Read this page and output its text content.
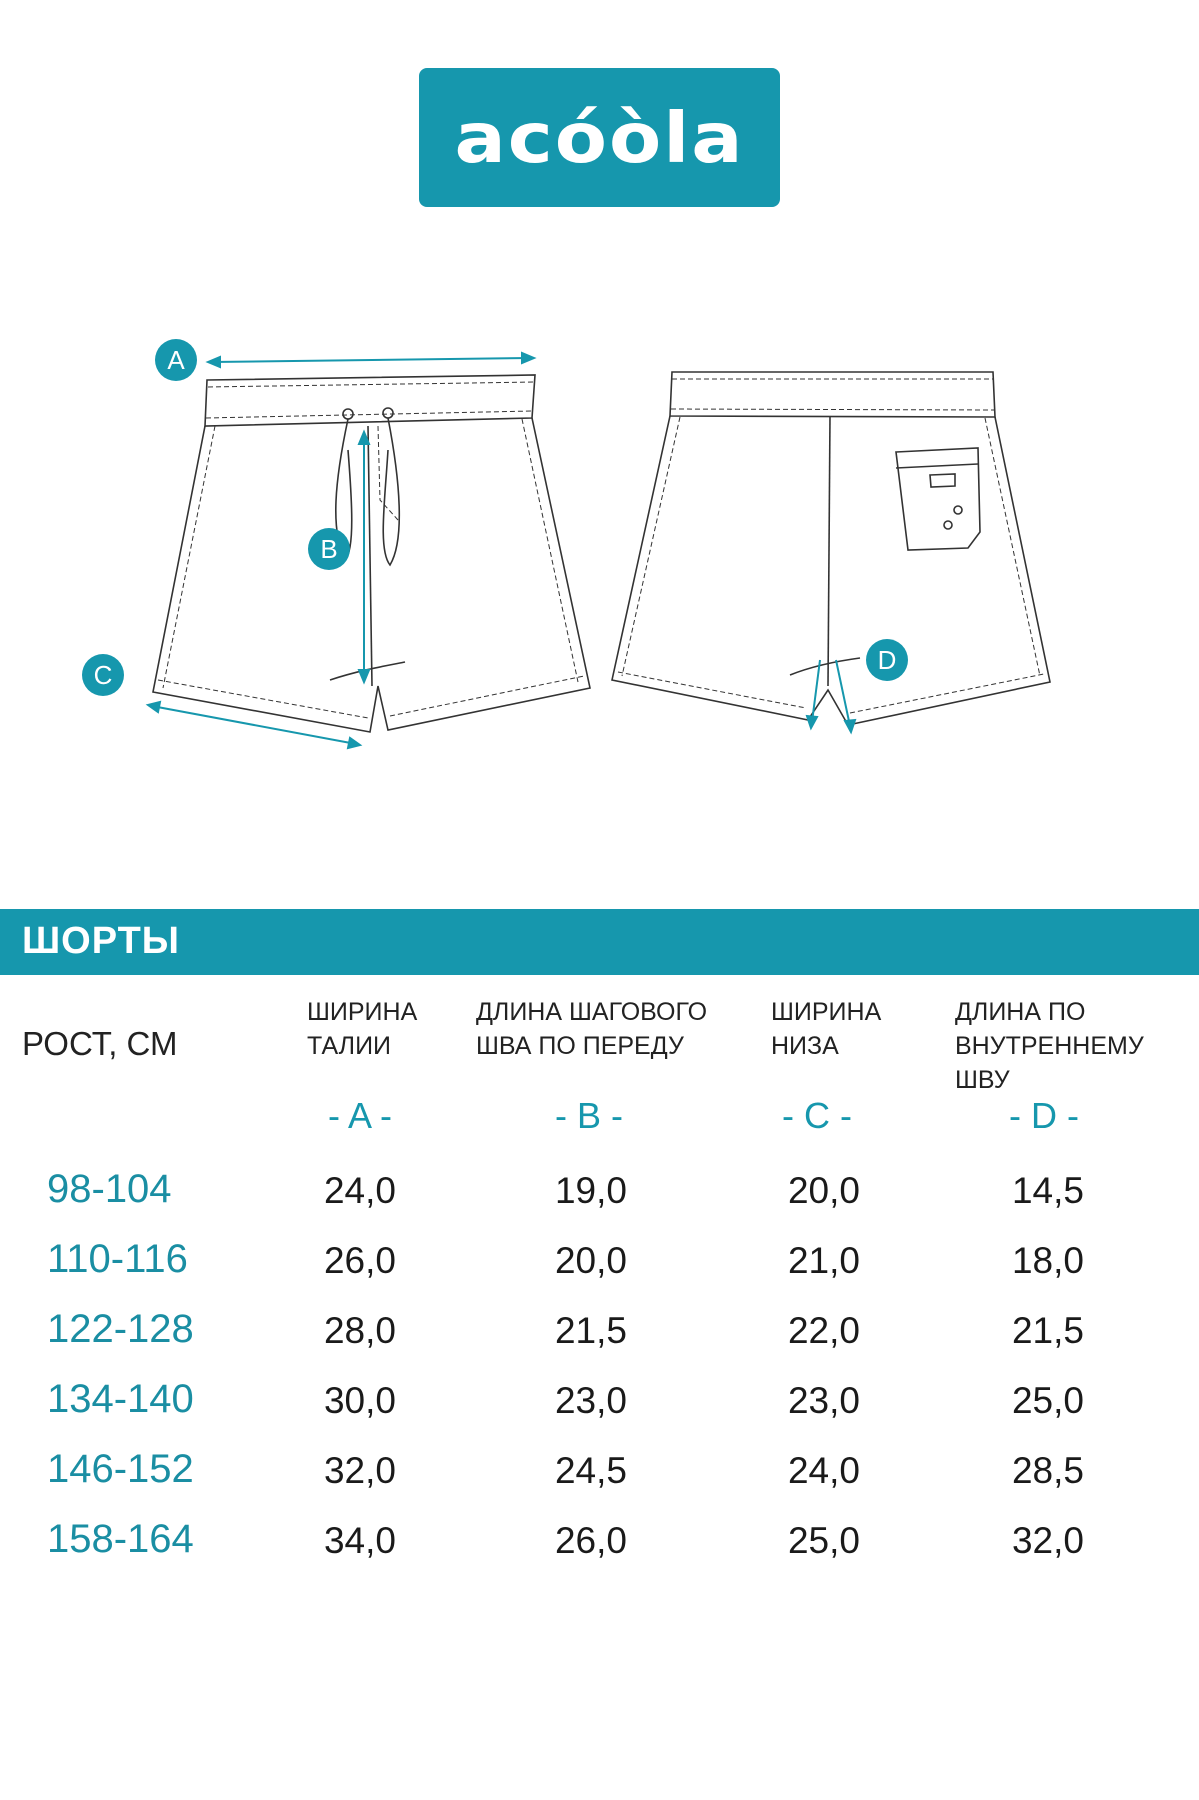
acóòla
A
B
C	D
ШОРТЫ
РОСТ, СМ
ШИРИНА
ТАЛИИ
ДЛИНА ШАГОВОГО
ШВА ПО ПЕРЕДУ
ШИРИНА
НИЗА
ДЛИНА ПО
ВНУТРЕННЕМУ ШВУ
- A -	- B -	- C -	- D -
98-104	24,0	19,0	20,0	14,5
110-116	26,0	20,0	21,0	18,0
122-128	28,0	21,5	22,0	21,5
134-140	30,0	23,0	23,0	25,0
146-152	32,0	24,5	24,0	28,5
158-164	34,0	26,0	25,0	32,0
